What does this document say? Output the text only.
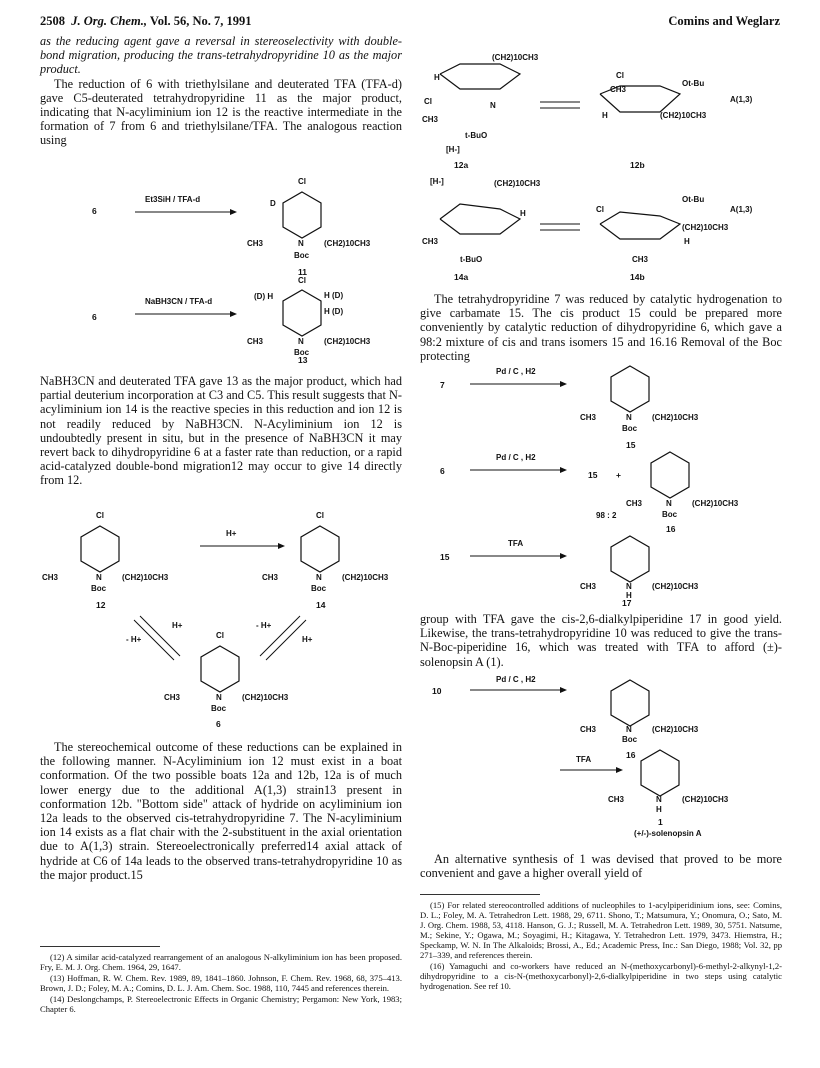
2508 J. Org. Chem., Vol. 56, No. 7, 1991	Comins and Weglarz

as the reducing agent gave a reversal in stereoselectivity with double-bond migration, producing the trans-tetrahydropyridine 10 as the major product.

The reduction of 6 with triethylsilane and deuterated TFA (TFA-d) gave C5-deuterated tetrahydropyridine 11 as the major product, indicating that N-acyliminium ion 12 is the reactive intermediate in the formation of 7 from 6 and triethylsilane/TFA. The analogous reaction using

6
Et3SiH / TFA-d
Cl
D
N
CH3	(CH2)10CH3
Boc
11
6
NaBH3CN / TFA-d
Cl
(D) H	H (D)
H (D)
N
CH3	(CH2)10CH3
Boc
13

NaBH3CN and deuterated TFA gave 13 as the major product, which had partial deuterium incorporation at C3 and C5. This result suggests that N-acyliminium ion 14 is the reactive species in this reduction and ion 12 is not readily reduced by NaBH3CN. N-Acyliminium ion 12 is undoubtedly present in situ, but in the presence of NaBH3CN it may revert back to dihydropyridine 6 at a faster rate than reduction, or a rapid acid-catalyzed double-bond migration12 may occur to give 14 directly from 12.

Cl
N
CH3	(CH2)10CH3
Boc
12
H+
Cl
N
CH3	(CH2)10CH3
Boc
14
H+
- H+
- H+
H+
Cl
N
CH3	(CH2)10CH3
Boc
6

The stereochemical outcome of these reductions can be explained in the following manner. N-Acyliminium ion 12 must exist in a boat conformation. Of the two possible boats 12a and 12b, 12a is of much lower energy due to the additional A(1,3) strain13 present in conformation 12b. "Bottom side" attack of hydride on acyliminium ion 12a leads to the observed cis-tetrahydropyridine 7. The N-acyliminium ion 14 exists as a flat chair with the 2-substituent in the axial orientation due to A(1,3) strain. Stereoelectronically preferred14 axial attack of hydride at C6 of 14a leads to the observed trans-tetrahydropyridine 10 as the major product.15

(12) A similar acid-catalyzed rearrangement of an analogous N-alkyliminium ion has been proposed. Fry, E. M. J. Org. Chem. 1964, 29, 1647.

(13) Hoffman, R. W. Chem. Rev. 1989, 89, 1841–1860. Johnson, F. Chem. Rev. 1968, 68, 375–413. Brown, J. D.; Foley, M. A.; Comins, D. L. J. Am. Chem. Soc. 1988, 110, 7445 and references therein.

(14) Deslongchamps, P. Stereoelectronic Effects in Organic Chemistry; Pergamon: New York, 1983; Chapter 6.

H
(CH2)10CH3
Cl	N
CH3
t-BuO
[H-]
12a
Cl
CH3
Ot-Bu
A(1,3)
(CH2)10CH3
H
12b
[H-]	(CH2)10CH3
H
CH3
t-BuO
14a
Cl
Ot-Bu
A(1,3)
(CH2)10CH3
H
CH3
14b

The tetrahydropyridine 7 was reduced by catalytic hydrogenation to give carbamate 15. The cis product 15 could be prepared more conveniently by catalytic reduction of dihydropyridine 6, which gave a 98:2 mixture of cis and trans isomers 15 and 16.16 Removal of the Boc protecting

7
Pd / C , H2
N
CH3	(CH2)10CH3
Boc
15
6
Pd / C , H2
15 +
N
CH3	(CH2)10CH3
Boc
16
98 : 2
15
TFA
N
CH3	(CH2)10CH3
H
17

group with TFA gave the cis-2,6-dialkylpiperidine 17 in good yield. Likewise, the trans-tetrahydropyridine 10 was reduced to give the trans-N-Boc-piperidine 16, which was treated with TFA to afford (±)-solenopsin A (1).

10
Pd / C , H2
N
CH3	(CH2)10CH3
Boc
16
TFA
N
CH3	(CH2)10CH3
H
1
(+/-)-solenopsin A

An alternative synthesis of 1 was devised that proved to be more convenient and gave a higher overall yield of

(15) For related stereocontrolled additions of nucleophiles to 1-acylpiperidinium ions, see: Comins, D. L.; Foley, M. A. Tetrahedron Lett. 1988, 29, 6711. Shono, T.; Matsumura, Y.; Onomura, O.; Sato, M. J. Org. Chem. 1988, 53, 4118. Hanson, G. J.; Russell, M. A. Tetrahedron Lett. 1989, 30, 5751. Natsume, M.; Sekine, Y.; Ogawa, M.; Soyagimi, H.; Kitagawa, Y. Tetrahedron Lett. 1979, 3473. Hiemstra, H.; Speckamp, W. N. In The Alkaloids; Brossi, A., Ed.; Academic Press, Inc.: San Diego, 1988; Vol. 32, pp 271–339, and references therein.

(16) Yamaguchi and co-workers have reduced an N-(methoxycarbonyl)-6-methyl-2-alkynyl-1,2-dihydropyridine to a cis-N-(methoxycarbonyl)-2,6-dialkylpiperidine in two steps using catalytic hydrogenation. See ref 10.
